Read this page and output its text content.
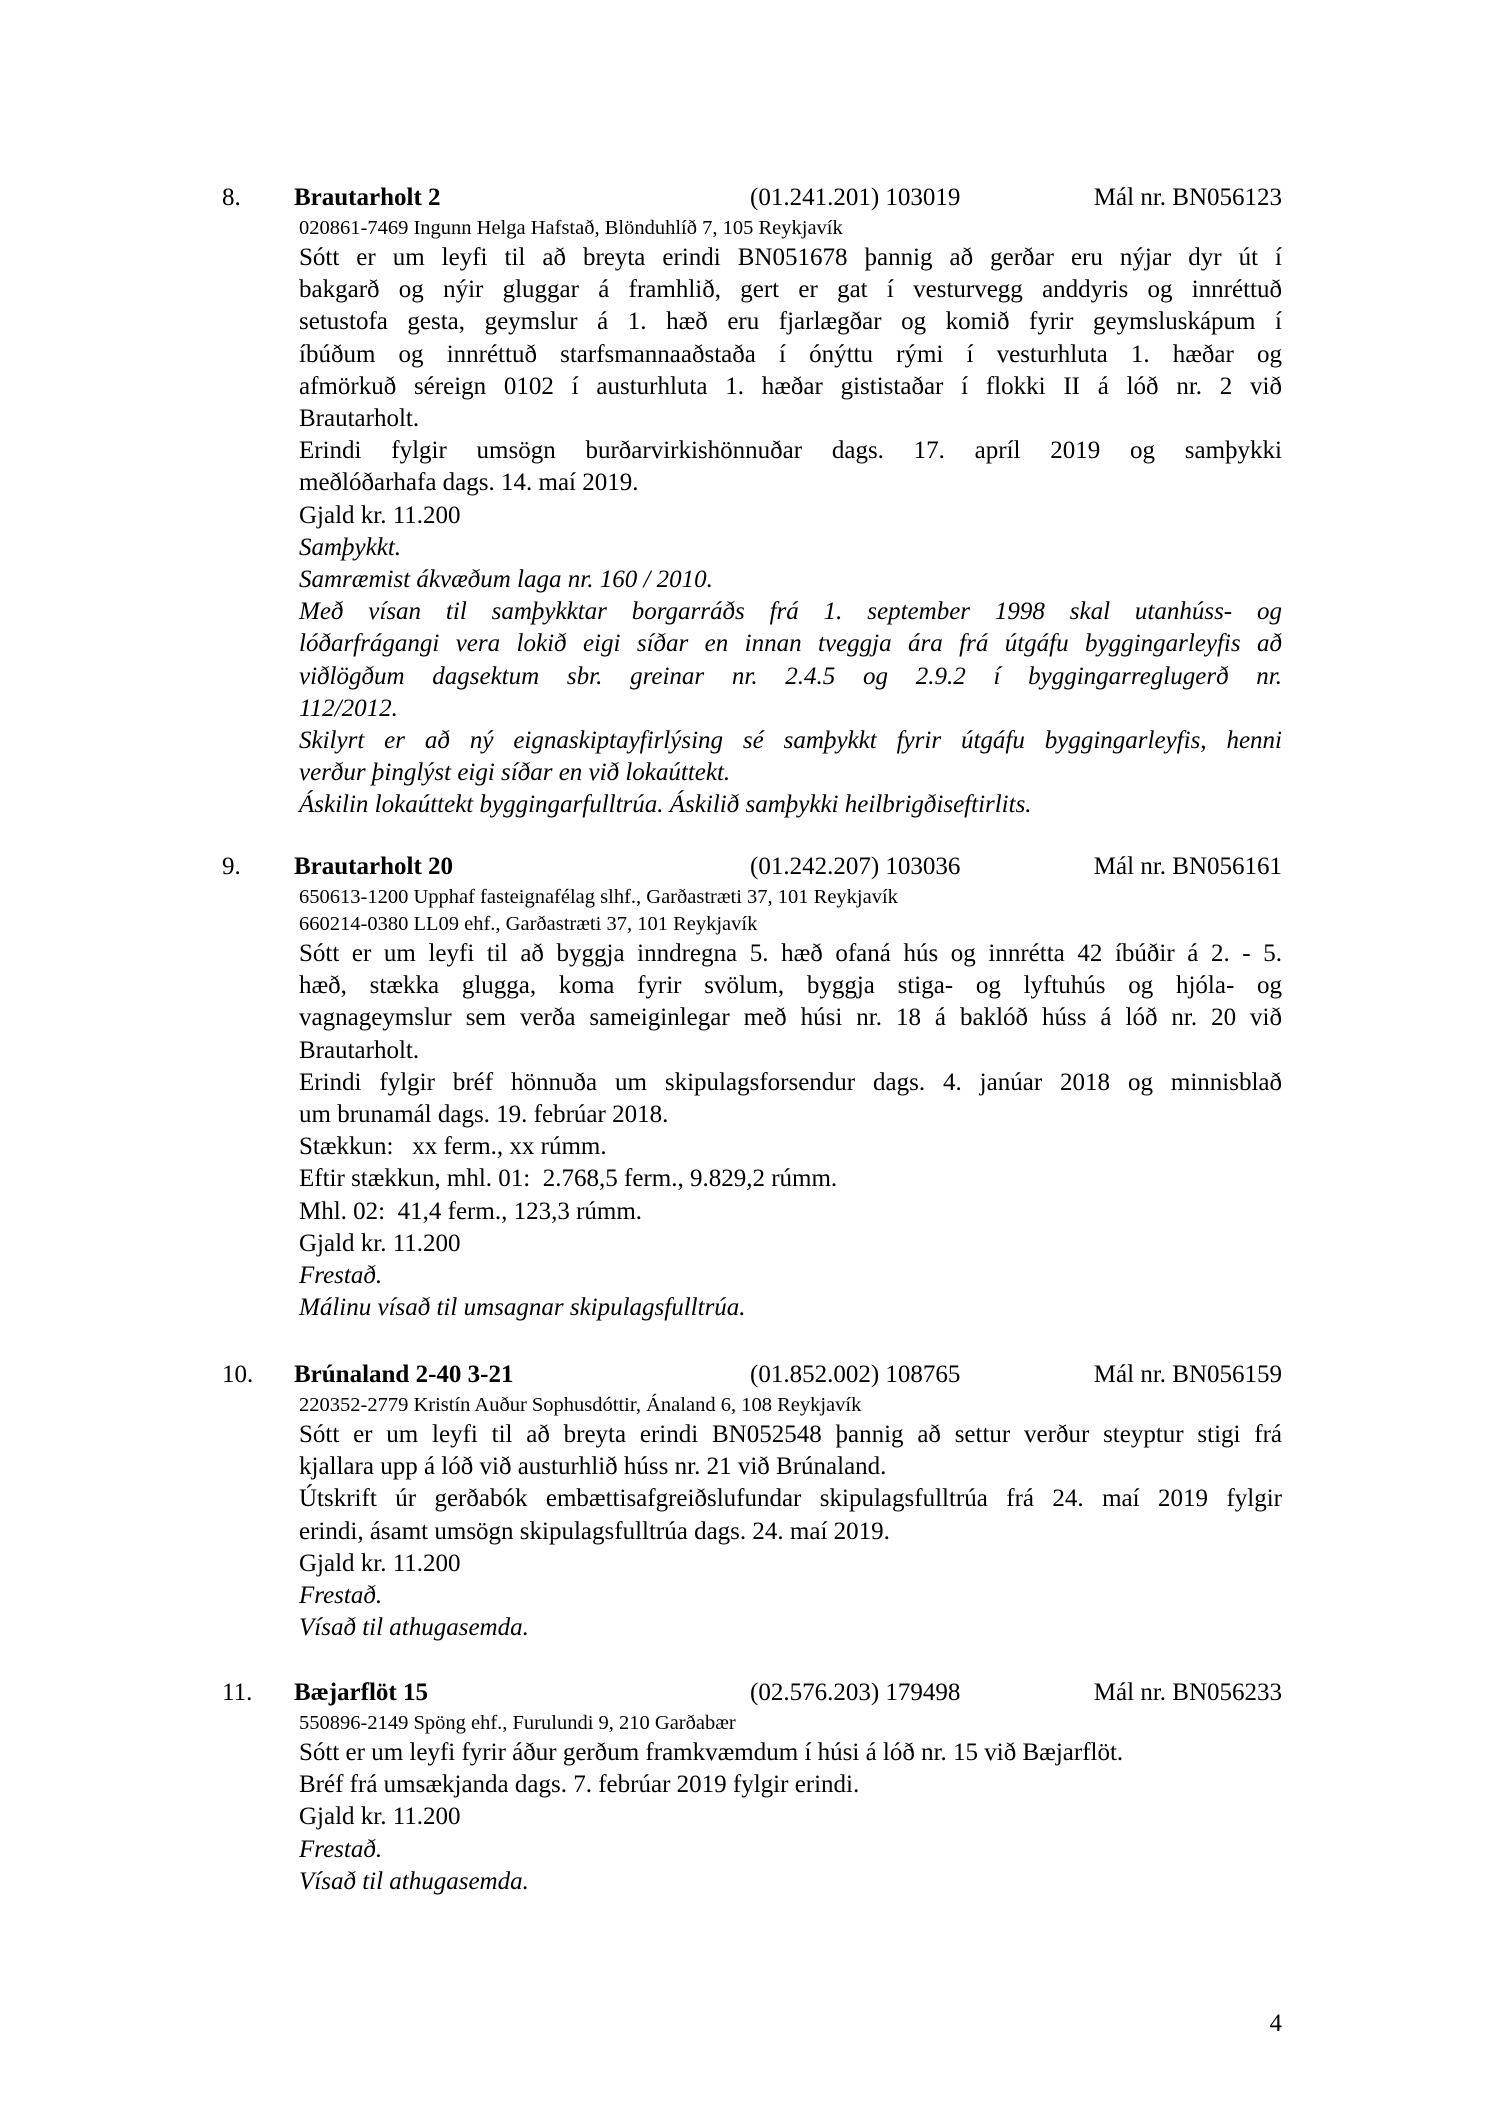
8. Brautarholt 2	(01.241.201) 103019	Mál nr. BN056123
020861-7469 Ingunn Helga Hafstað, Blönduhlíð 7, 105 Reykjavík
Sótt er um leyfi til að breyta erindi BN051678 þannig að gerðar eru nýjar dyr út í
bakgarð og nýir gluggar á framhlið, gert er gat í vesturvegg anddyris og innréttuð
setustofa gesta, geymslur á 1. hæð eru fjarlægðar og komið fyrir geymsluskápum í
íbúðum og innréttuð starfsmannaaðstaða í ónýttu rými í vesturhluta 1. hæðar og
afmörkuð séreign 0102 í austurhluta 1. hæðar gististaðar í flokki II á lóð nr. 2 við
Brautarholt.
Erindi fylgir umsögn burðarvirkishönnuðar dags. 17. apríl 2019 og samþykki
meðlóðarhafa dags. 14. maí 2019.
Gjald kr. 11.200
Samþykkt.
Samræmist ákvæðum laga nr. 160 / 2010.
Með vísan til samþykktar borgarráðs frá 1. september 1998 skal utanhúss- og
lóðarfrágangi vera lokið eigi síðar en innan tveggja ára frá útgáfu byggingarleyfis að
viðlögðum dagsektum sbr. greinar nr. 2.4.5 og 2.9.2 í byggingarreglugerð nr.
112/2012.
Skilyrt er að ný eignaskiptayfirlýsing sé samþykkt fyrir útgáfu byggingarleyfis, henni
verður þinglýst eigi síðar en við lokaúttekt.
Áskilin lokaúttekt byggingarfulltrúa. Áskilið samþykki heilbrigðiseftirlits.
9. Brautarholt 20	(01.242.207) 103036	Mál nr. BN056161
650613-1200 Upphaf fasteignafélag slhf., Garðastræti 37, 101 Reykjavík
660214-0380 LL09 ehf., Garðastræti 37, 101 Reykjavík
Sótt er um leyfi til að byggja inndregna 5. hæð ofaná hús og innrétta 42 íbúðir á 2. - 5.
hæð, stækka glugga, koma fyrir svölum, byggja stiga- og lyftuhús og hjóla- og
vagnageymslur sem verða sameiginlegar með húsi nr. 18 á baklóð húss á lóð nr. 20 við
Brautarholt.
Erindi fylgir bréf hönnuða um skipulagsforsendur dags. 4. janúar 2018 og minnisblað
um brunamál dags. 19. febrúar 2018.
Stækkun:   xx ferm., xx rúmm.
Eftir stækkun, mhl. 01:  2.768,5 ferm., 9.829,2 rúmm.
Mhl. 02:  41,4 ferm., 123,3 rúmm.
Gjald kr. 11.200
Frestað.
Málinu vísað til umsagnar skipulagsfulltrúa.
10. Brúnaland 2-40 3-21	(01.852.002) 108765	Mál nr. BN056159
220352-2779 Kristín Auður Sophusdóttir, Ánaland 6, 108 Reykjavík
Sótt er um leyfi til að breyta erindi BN052548 þannig að settur verður steyptur stigi frá
kjallara upp á lóð við austurhlið húss nr. 21 við Brúnaland.
Útskrift úr gerðabók embættisafgreiðslufundar skipulagsfulltrúa frá 24. maí 2019 fylgir
erindi, ásamt umsögn skipulagsfulltrúa dags. 24. maí 2019.
Gjald kr. 11.200
Frestað.
Vísað til athugasemda.
11. Bæjarflöt 15	(02.576.203) 179498	Mál nr. BN056233
550896-2149 Spöng ehf., Furulundi 9, 210 Garðabær
Sótt er um leyfi fyrir áður gerðum framkvæmdum í húsi á lóð nr. 15 við Bæjarflöt.
Bréf frá umsækjanda dags. 7. febrúar 2019 fylgir erindi.
Gjald kr. 11.200
Frestað.
Vísað til athugasemda.
4
